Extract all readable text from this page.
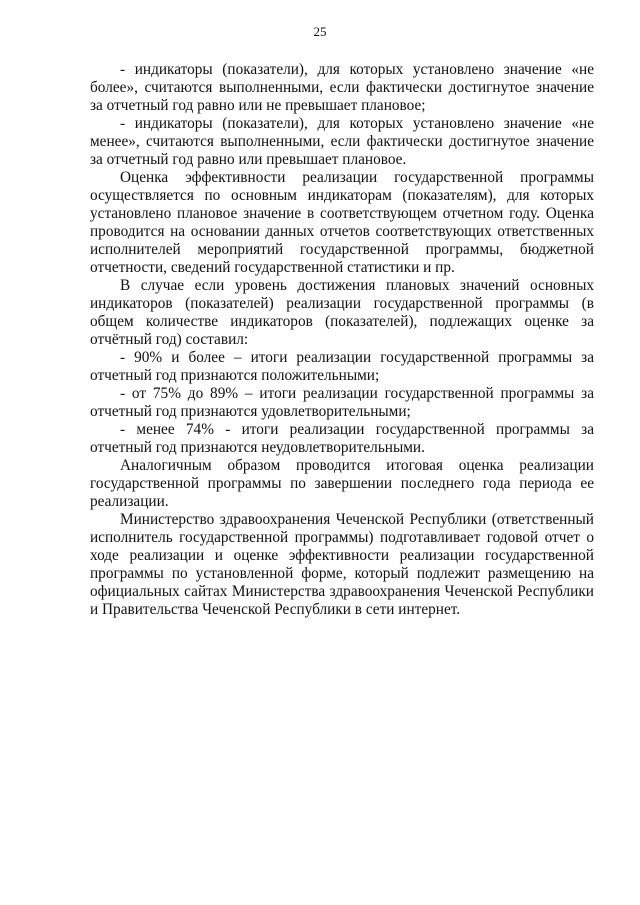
25

- индикаторы (показатели), для которых установлено значение «не более», считаются выполненными, если фактически достигнутое значение за отчетный год равно или не превышает плановое;

- индикаторы (показатели), для которых установлено значение «не менее», считаются выполненными, если фактически достигнутое значение за отчетный год равно или превышает плановое.

Оценка эффективности реализации государственной программы осуществляется по основным индикаторам (показателям), для которых установлено плановое значение в соответствующем отчетном году. Оценка проводится на основании данных отчетов соответствующих ответственных исполнителей мероприятий государственной программы, бюджетной отчетности, сведений государственной статистики и пр.

В случае если уровень достижения плановых значений основных индикаторов (показателей) реализации государственной программы (в общем количестве индикаторов (показателей), подлежащих оценке за отчётный год) составил:

- 90% и более – итоги реализации государственной программы за отчетный год признаются положительными;

- от 75% до 89% – итоги реализации государственной программы за отчетный год признаются удовлетворительными;

- менее 74% - итоги реализации государственной программы за отчетный год признаются неудовлетворительными.

Аналогичным образом проводится итоговая оценка реализации государственной программы по завершении последнего года периода ее реализации.

Министерство здравоохранения Чеченской Республики (ответственный исполнитель государственной программы) подготавливает годовой отчет о ходе реализации и оценке эффективности реализации государственной программы по установленной форме, который подлежит размещению на официальных сайтах Министерства здравоохранения Чеченской Республики и Правительства Чеченской Республики в сети интернет.
